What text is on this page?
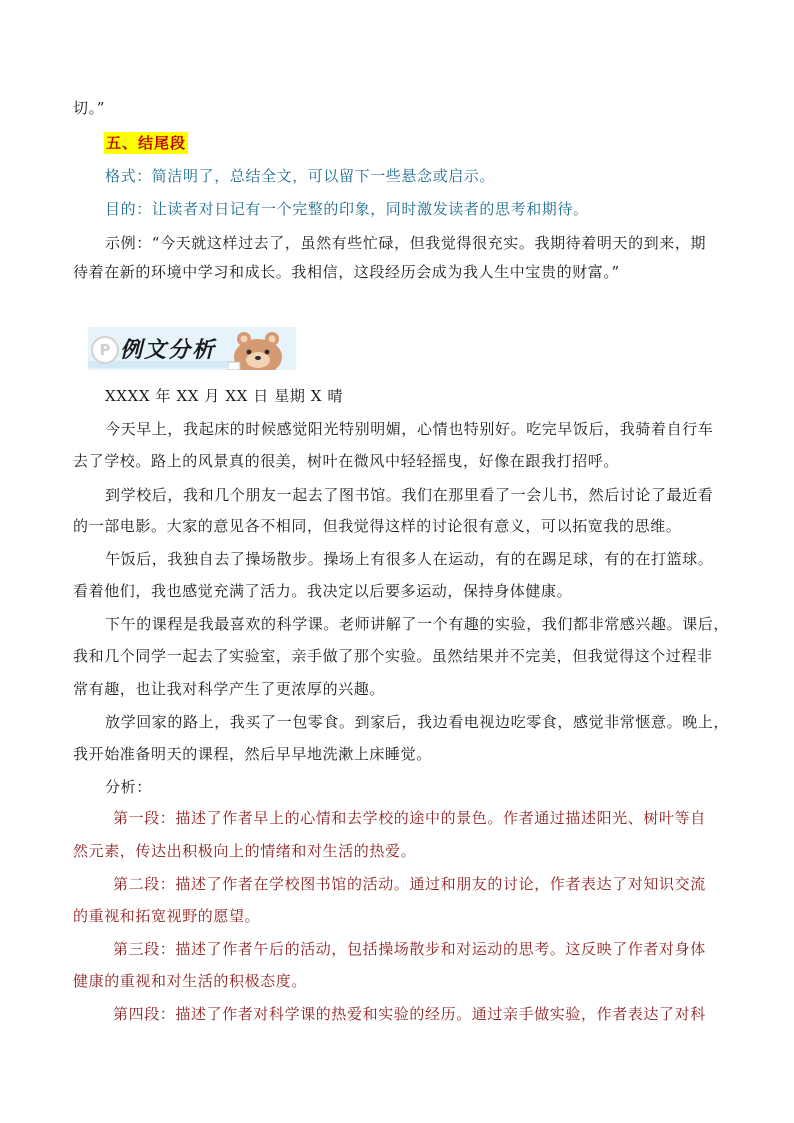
切。”
五、结尾段
格式：简洁明了，总结全文，可以留下一些悬念或启示。
目的：让读者对日记有一个完整的印象，同时激发读者的思考和期待。
示例：“今天就这样过去了，虽然有些忙碌，但我觉得很充实。我期待着明天的到来，期
待着在新的环境中学习和成长。我相信，这段经历会成为我人生中宝贵的财富。”
P 例文分析
XXXX 年 XX 月 XX 日 星期 X 晴
今天早上，我起床的时候感觉阳光特别明媚，心情也特别好。吃完早饭后，我骑着自行车
去了学校。路上的风景真的很美，树叶在微风中轻轻摇曳，好像在跟我打招呼。
到学校后，我和几个朋友一起去了图书馆。我们在那里看了一会儿书，然后讨论了最近看
的一部电影。大家的意见各不相同，但我觉得这样的讨论很有意义，可以拓宽我的思维。
午饭后，我独自去了操场散步。操场上有很多人在运动，有的在踢足球，有的在打篮球。
看着他们，我也感觉充满了活力。我决定以后要多运动，保持身体健康。
下午的课程是我最喜欢的科学课。老师讲解了一个有趣的实验，我们都非常感兴趣。课后，
我和几个同学一起去了实验室，亲手做了那个实验。虽然结果并不完美，但我觉得这个过程非
常有趣，也让我对科学产生了更浓厚的兴趣。
放学回家的路上，我买了一包零食。到家后，我边看电视边吃零食，感觉非常惬意。晚上，
我开始准备明天的课程，然后早早地洗漱上床睡觉。
分析：
第一段：描述了作者早上的心情和去学校的途中的景色。作者通过描述阳光、树叶等自
然元素，传达出积极向上的情绪和对生活的热爱。
第二段：描述了作者在学校图书馆的活动。通过和朋友的讨论，作者表达了对知识交流
的重视和拓宽视野的愿望。
第三段：描述了作者午后的活动，包括操场散步和对运动的思考。这反映了作者对身体
健康的重视和对生活的积极态度。
第四段：描述了作者对科学课的热爱和实验的经历。通过亲手做实验，作者表达了对科
